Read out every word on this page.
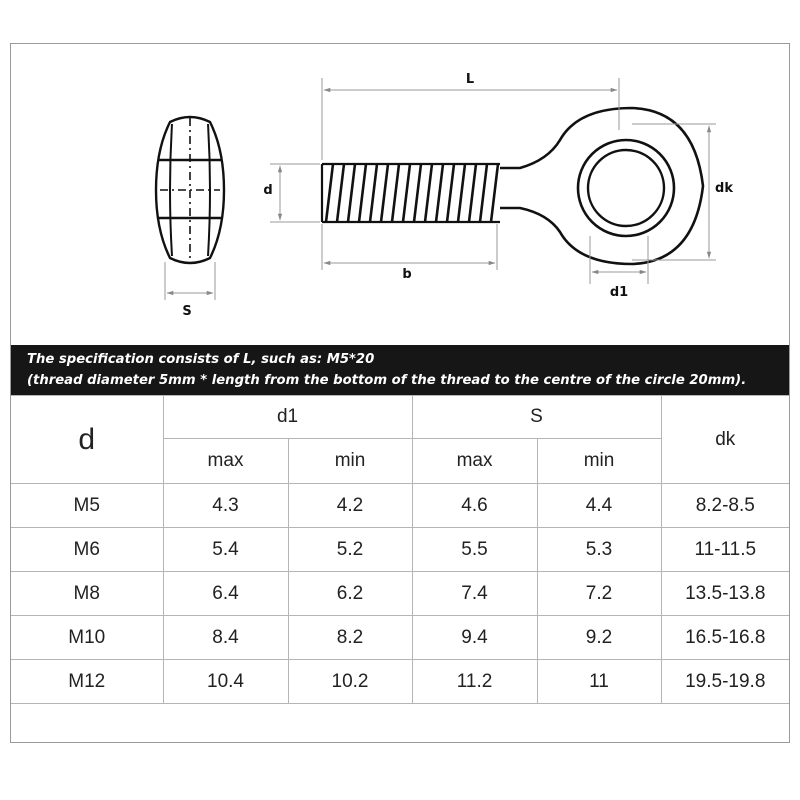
L
d
b
dk
d1
S
The specification consists of L, such as: M5*20
(thread diameter 5mm * length from the bottom of the thread to the centre of the circle 20mm).
d	d1		S		dk
	max	min	max	min	
M5	4.3	4.2	4.6	4.4	8.2-8.5
M6	5.4	5.2	5.5	5.3	11-11.5
M8	6.4	6.2	7.4	7.2	13.5-13.8
M10	8.4	8.2	9.4	9.2	16.5-16.8
M12	10.4	10.2	11.2	11	19.5-19.8
